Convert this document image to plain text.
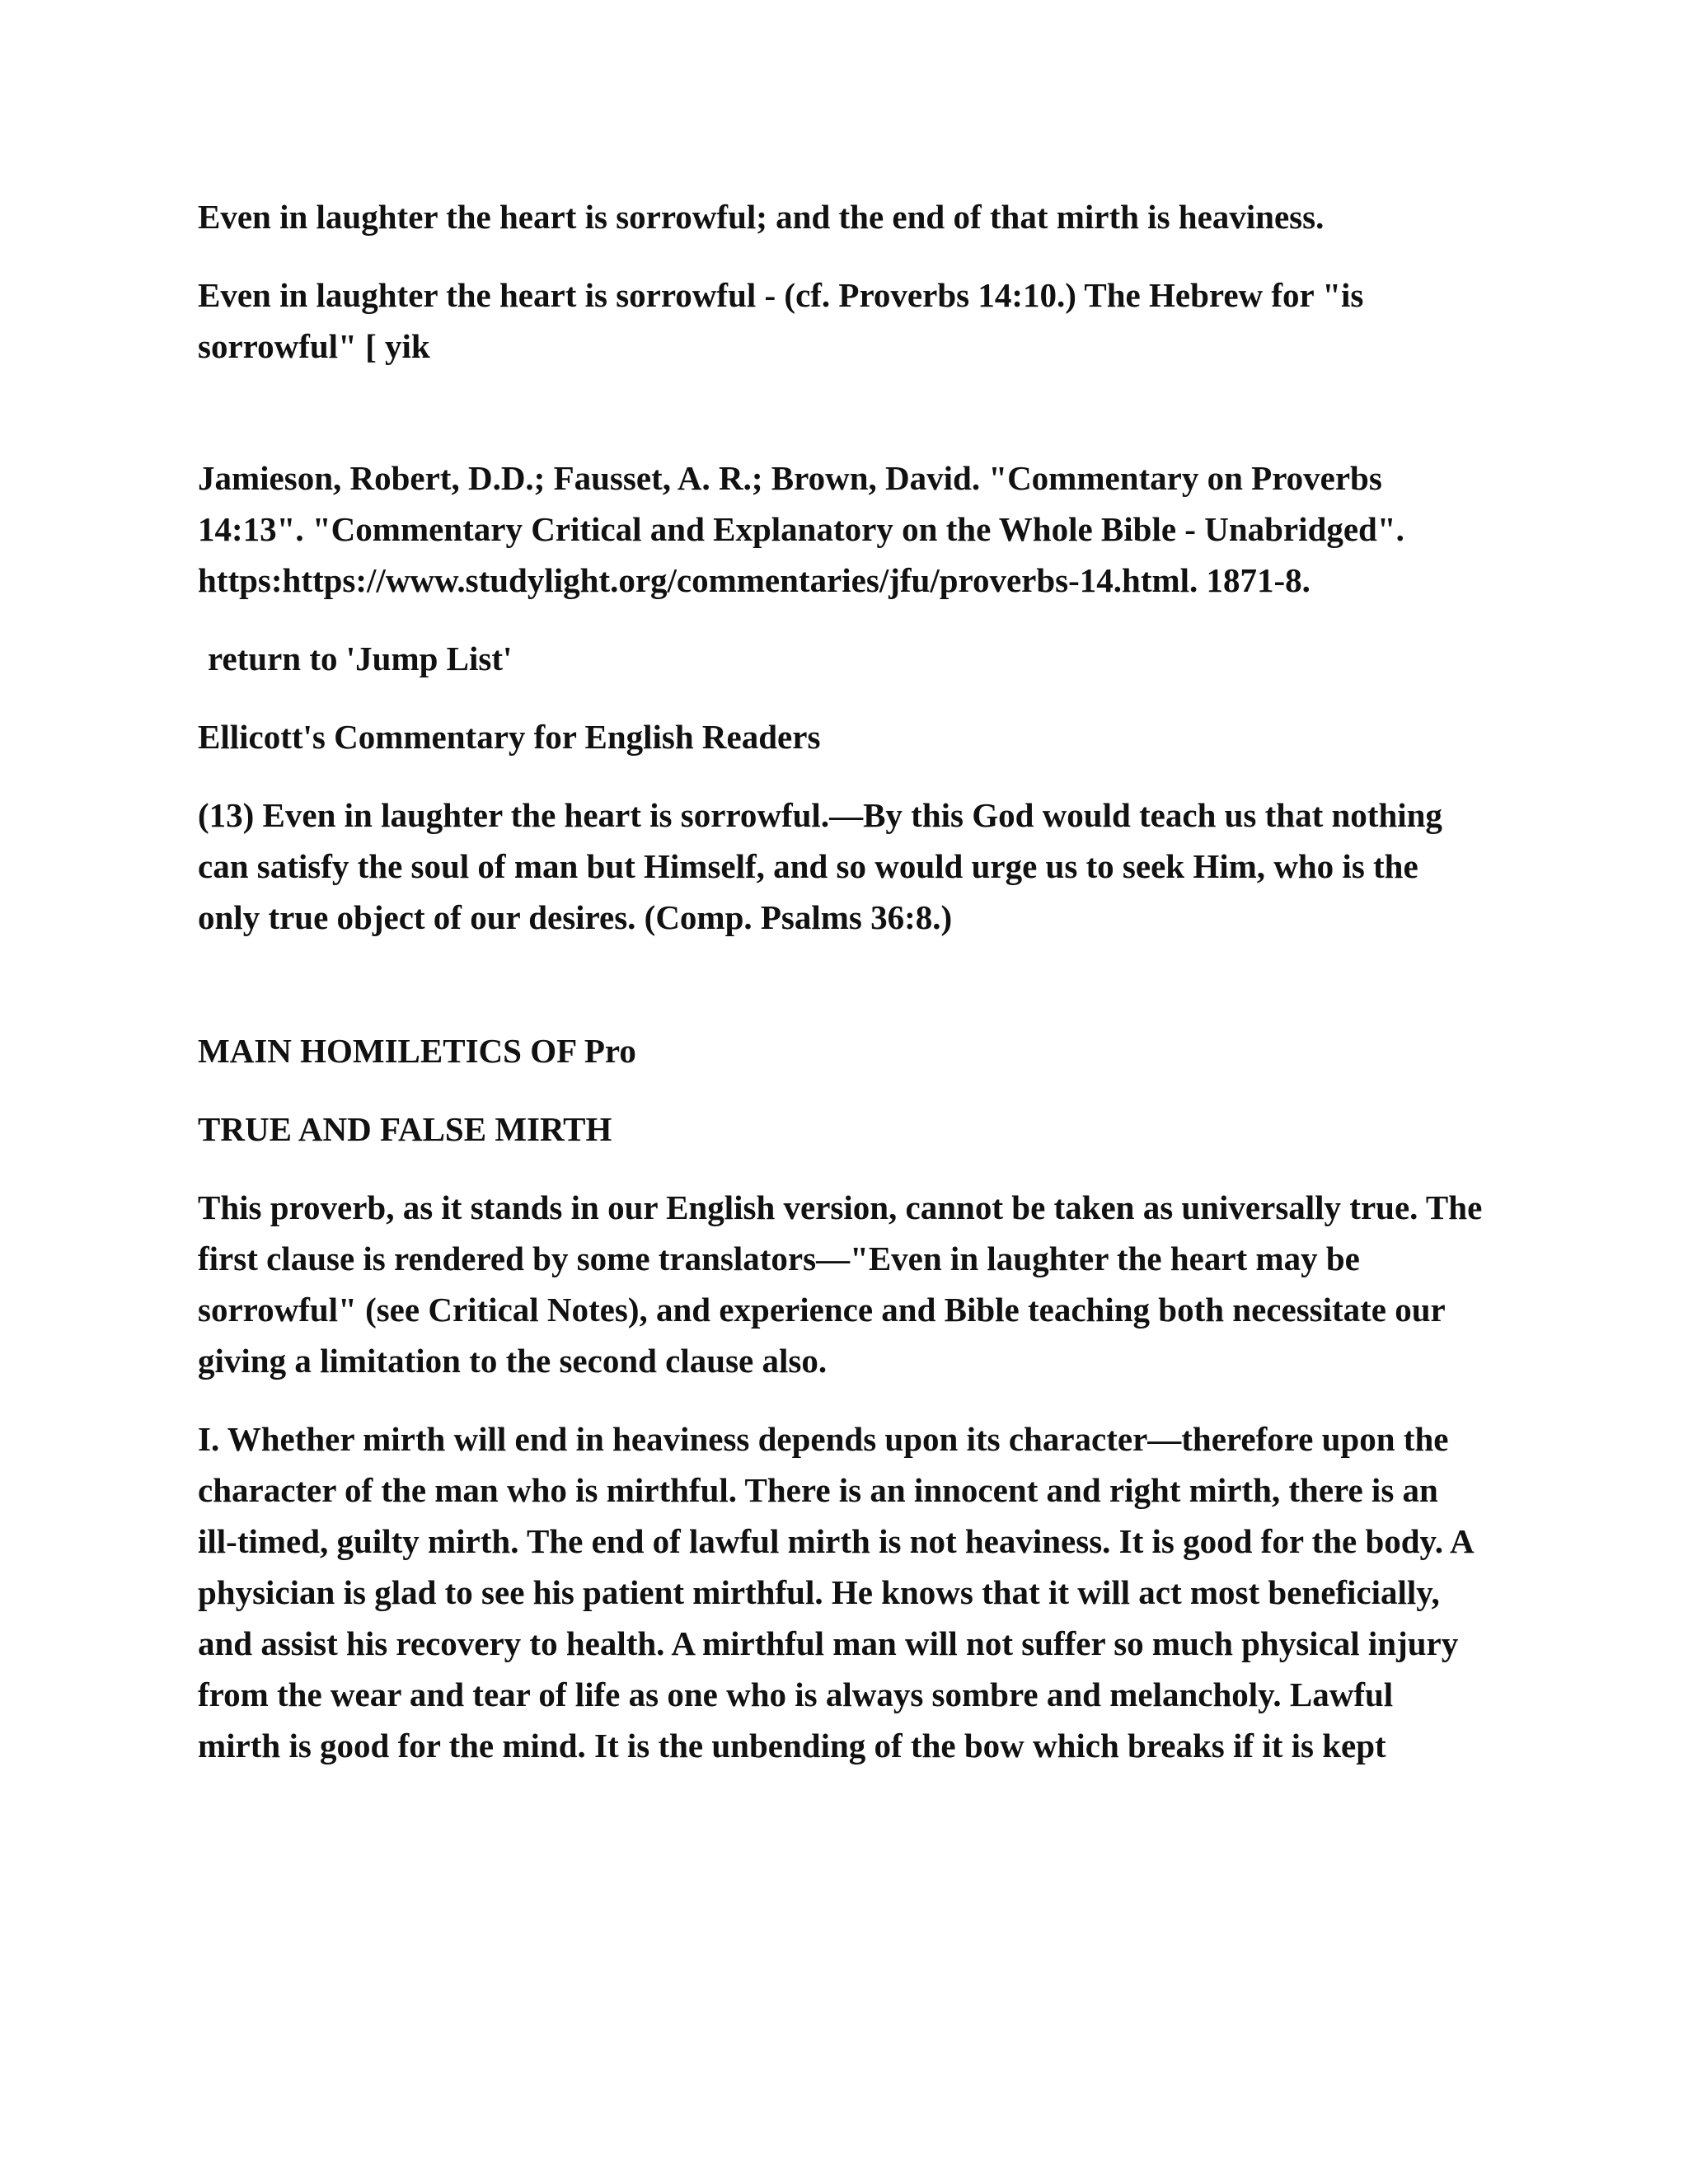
Even in laughter the heart is sorrowful; and the end of that mirth is heaviness.

Even in laughter the heart is sorrowful - (cf. Proverbs 14:10.) The Hebrew for "is sorrowful" [ yik

Jamieson, Robert, D.D.; Fausset, A. R.; Brown, David. "Commentary on Proverbs 14:13". "Commentary Critical and Explanatory on the Whole Bible - Unabridged". https:https://www.studylight.org/commentaries/jfu/proverbs-14.html. 1871-8.

return to 'Jump List'

Ellicott's Commentary for English Readers

(13) Even in laughter the heart is sorrowful.—By this God would teach us that nothing can satisfy the soul of man but Himself, and so would urge us to seek Him, who is the only true object of our desires. (Comp. Psalms 36:8.)

MAIN HOMILETICS OF Pro

TRUE AND FALSE MIRTH

This proverb, as it stands in our English version, cannot be taken as universally true. The first clause is rendered by some translators—"Even in laughter the heart may be sorrowful" (see Critical Notes), and experience and Bible teaching both necessitate our giving a limitation to the second clause also.

I. Whether mirth will end in heaviness depends upon its character—therefore upon the character of the man who is mirthful. There is an innocent and right mirth, there is an ill-timed, guilty mirth. The end of lawful mirth is not heaviness. It is good for the body. A physician is glad to see his patient mirthful. He knows that it will act most beneficially, and assist his recovery to health. A mirthful man will not suffer so much physical injury from the wear and tear of life as one who is always sombre and melancholy. Lawful mirth is good for the mind. It is the unbending of the bow which breaks if it is kept
